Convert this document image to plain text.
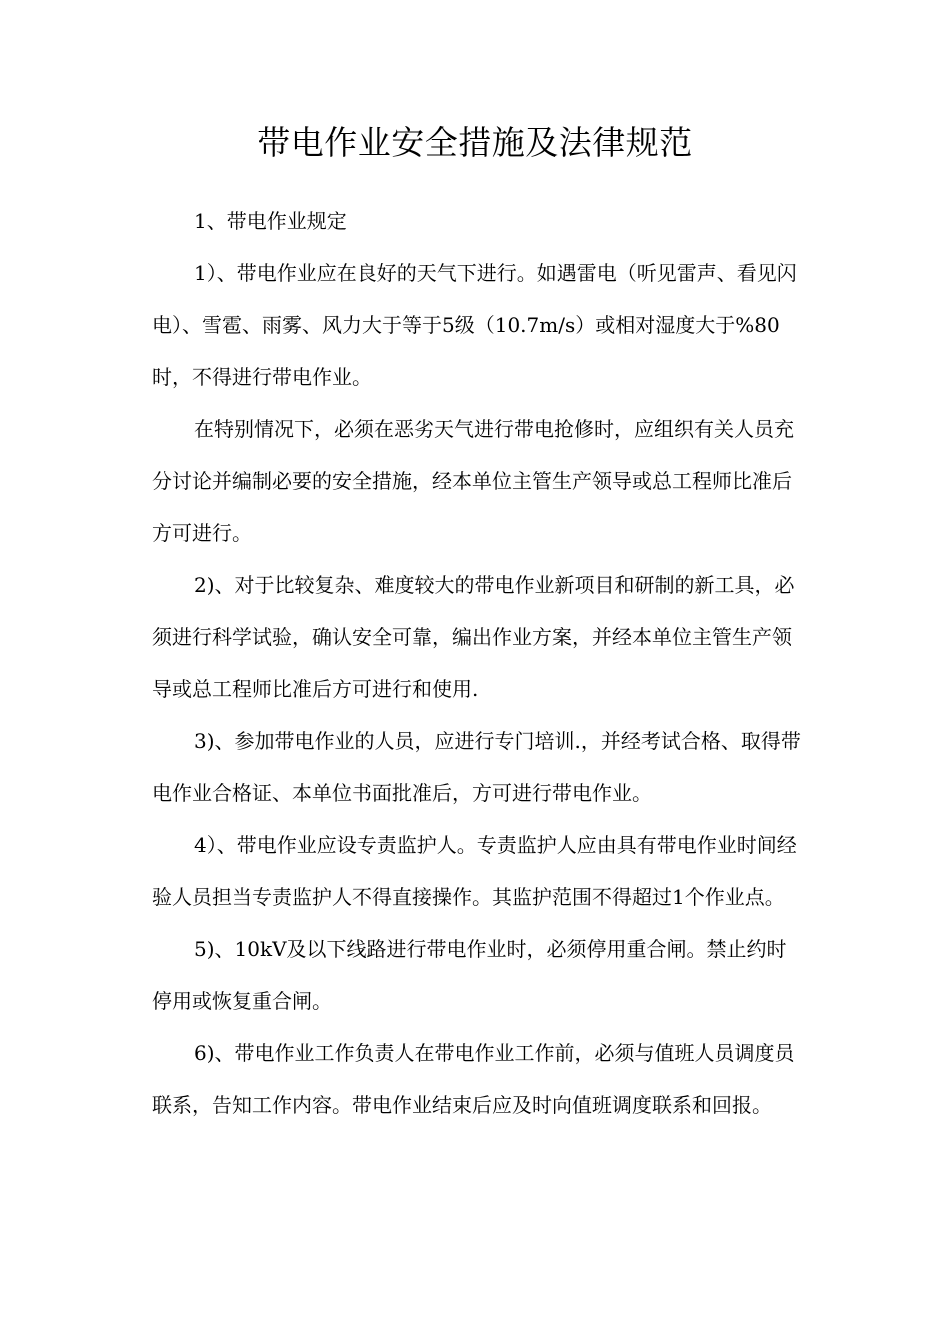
带电作业安全措施及法律规范

1、带电作业规定

1）、带电作业应在良好的天气下进行。如遇雷电（听见雷声、看见闪电）、雪雹、雨雾、风力大于等于5级（10.7m/s）或相对湿度大于%80时，不得进行带电作业。

在特别情况下，必须在恶劣天气进行带电抢修时，应组织有关人员充分讨论并编制必要的安全措施，经本单位主管生产领导或总工程师比准后方可进行。

2)、对于比较复杂、难度较大的带电作业新项目和研制的新工具，必须进行科学试验，确认安全可靠，编出作业方案，并经本单位主管生产领导或总工程师比准后方可进行和使用.

3)、参加带电作业的人员，应进行专门培训.，并经考试合格、取得带电作业合格证、本单位书面批准后，方可进行带电作业。

4）、带电作业应设专责监护人。专责监护人应由具有带电作业时间经验人员担当专责监护人不得直接操作。其监护范围不得超过1个作业点。

5)、10kV及以下线路进行带电作业时，必须停用重合闸。禁止约时停用或恢复重合闸。

6)、带电作业工作负责人在带电作业工作前，必须与值班人员调度员联系，告知工作内容。带电作业结束后应及时向值班调度联系和回报。
